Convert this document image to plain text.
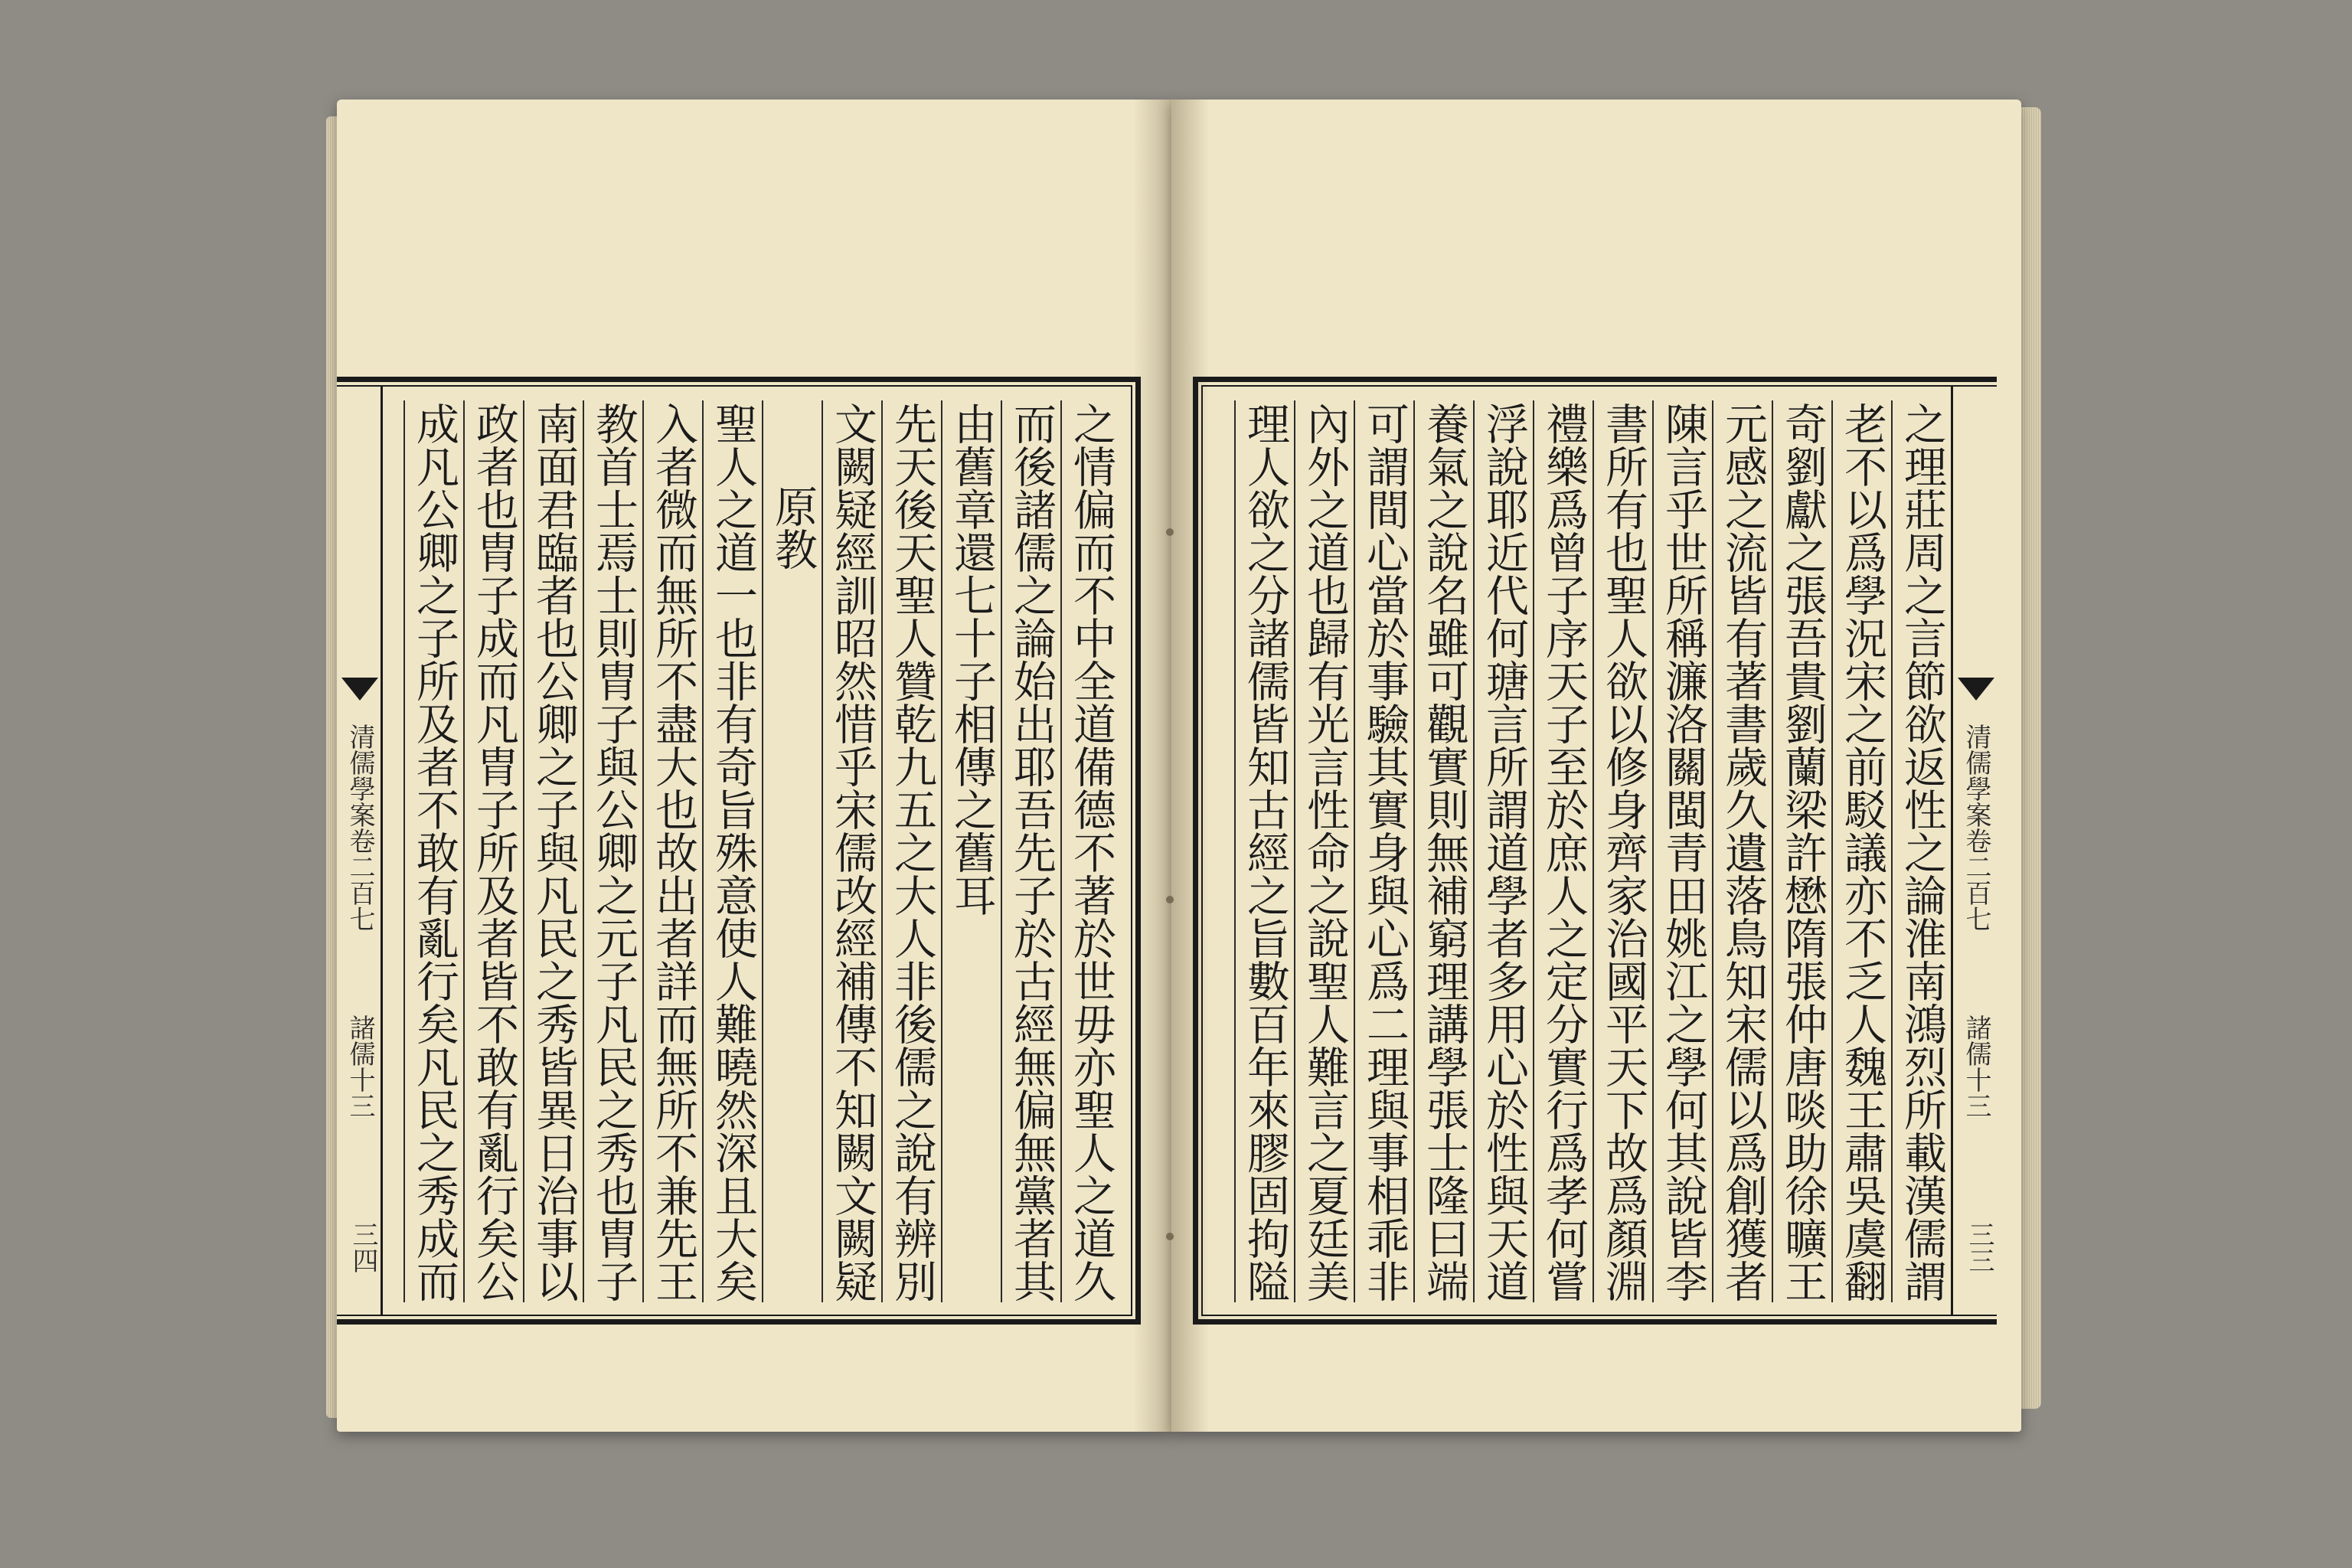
之情偏而不中全道備德不著於世毋亦聖人之道久
而後諸儒之論始出耶吾先子於古經無偏無黨者其
由舊章還七十子相傳之舊耳
先天後天聖人贊乾九五之大人非後儒之說有辨別　
文闕疑經訓昭然惜乎宋儒改經補傳不知闕文闕疑
原教
聖人之道一也非有奇旨殊意使人難曉然深且大矣
入者微而無所不盡大也故出者詳而無所不兼先王
教首士焉士則胄子與公卿之元子凡民之秀也胄子
南面君臨者也公卿之子與凡民之秀皆異日治事以
政者也胄子成而凡胄子所及者皆不敢有亂行矣公
成凡公卿之子所及者不敢有亂行矣凡民之秀成而
清儒學案卷二百七
諸儒十三
三四
之理莊周之言節欲返性之論淮南鴻烈所載漢儒謂
老不以爲學況宋之前駁議亦不乏人魏王肅吳虞翻
奇劉獻之張吾貴劉蘭梁許懋隋張仲唐啖助徐曠王
元感之流皆有著書歲久遺落鳥知宋儒以爲創獲者
陳言乎世所稱濂洛關閩青田姚江之學何其說皆李
書所有也聖人欲以修身齊家治國平天下故爲顏淵
禮樂爲曾子序天子至於庶人之定分實行爲孝何嘗
浮說耶近代何瑭言所謂道學者多用心於性與天道
養氣之說名雖可觀實則無補窮理講學張士隆曰端
可謂間心當於事驗其實身與心爲二理與事相乖非
內外之道也歸有光言性命之說聖人難言之夏廷美
理人欲之分諸儒皆知古經之旨數百年來膠固拘隘
清儒學案卷二百七
諸儒十三
三三
